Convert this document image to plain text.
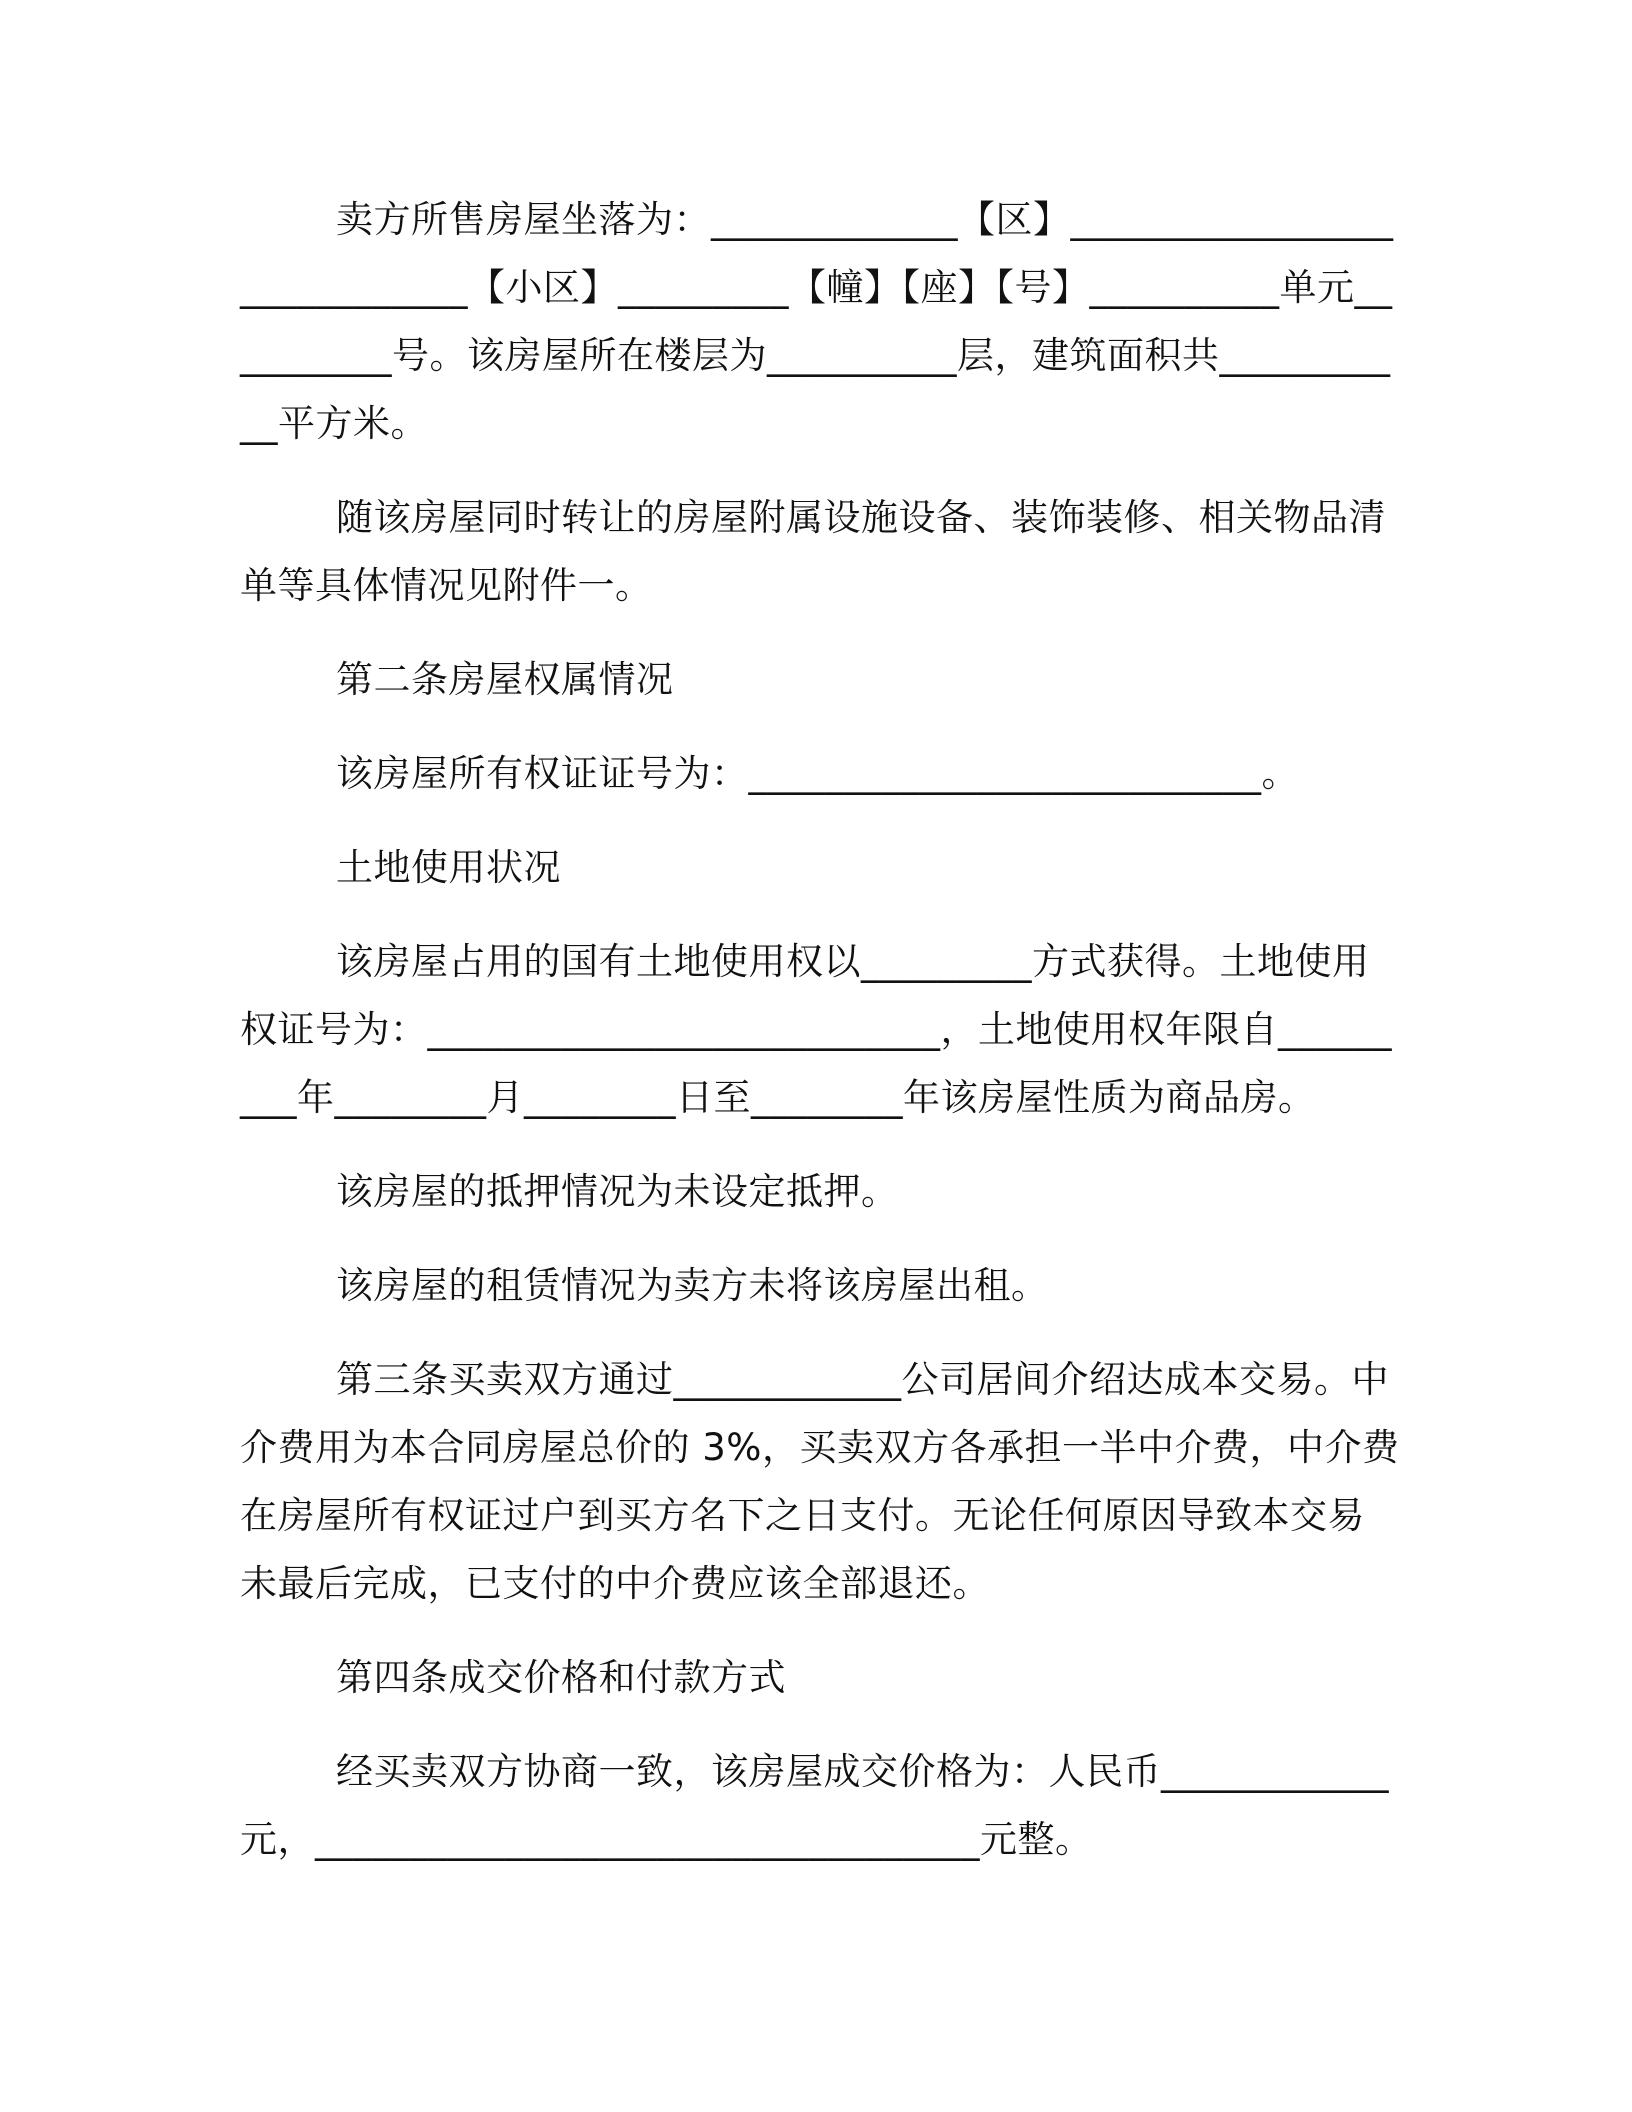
卖方所售房屋坐落为：_____________【区】_____________________________【小区】_________【幢】【座】【号】__________单元__________号。该房屋所在楼层为__________层，建筑面积共___________平方米。

随该房屋同时转让的房屋附属设施设备、装饰装修、相关物品清单等具体情况见附件一。

第二条房屋权属情况

该房屋所有权证证号为：___________________________。

土地使用状况

该房屋占用的国有土地使用权以_________方式获得。土地使用权证号为：___________________________，土地使用权年限自_________年________月________日至________年该房屋性质为商品房。

该房屋的抵押情况为未设定抵押。

该房屋的租赁情况为卖方未将该房屋出租。

第三条买卖双方通过____________公司居间介绍达成本交易。中介费用为本合同房屋总价的 3%，买卖双方各承担一半中介费，中介费在房屋所有权证过户到买方名下之日支付。无论任何原因导致本交易未最后完成，已支付的中介费应该全部退还。

第四条成交价格和付款方式

经买卖双方协商一致，该房屋成交价格为：人民币____________元，___________________________________元整。
